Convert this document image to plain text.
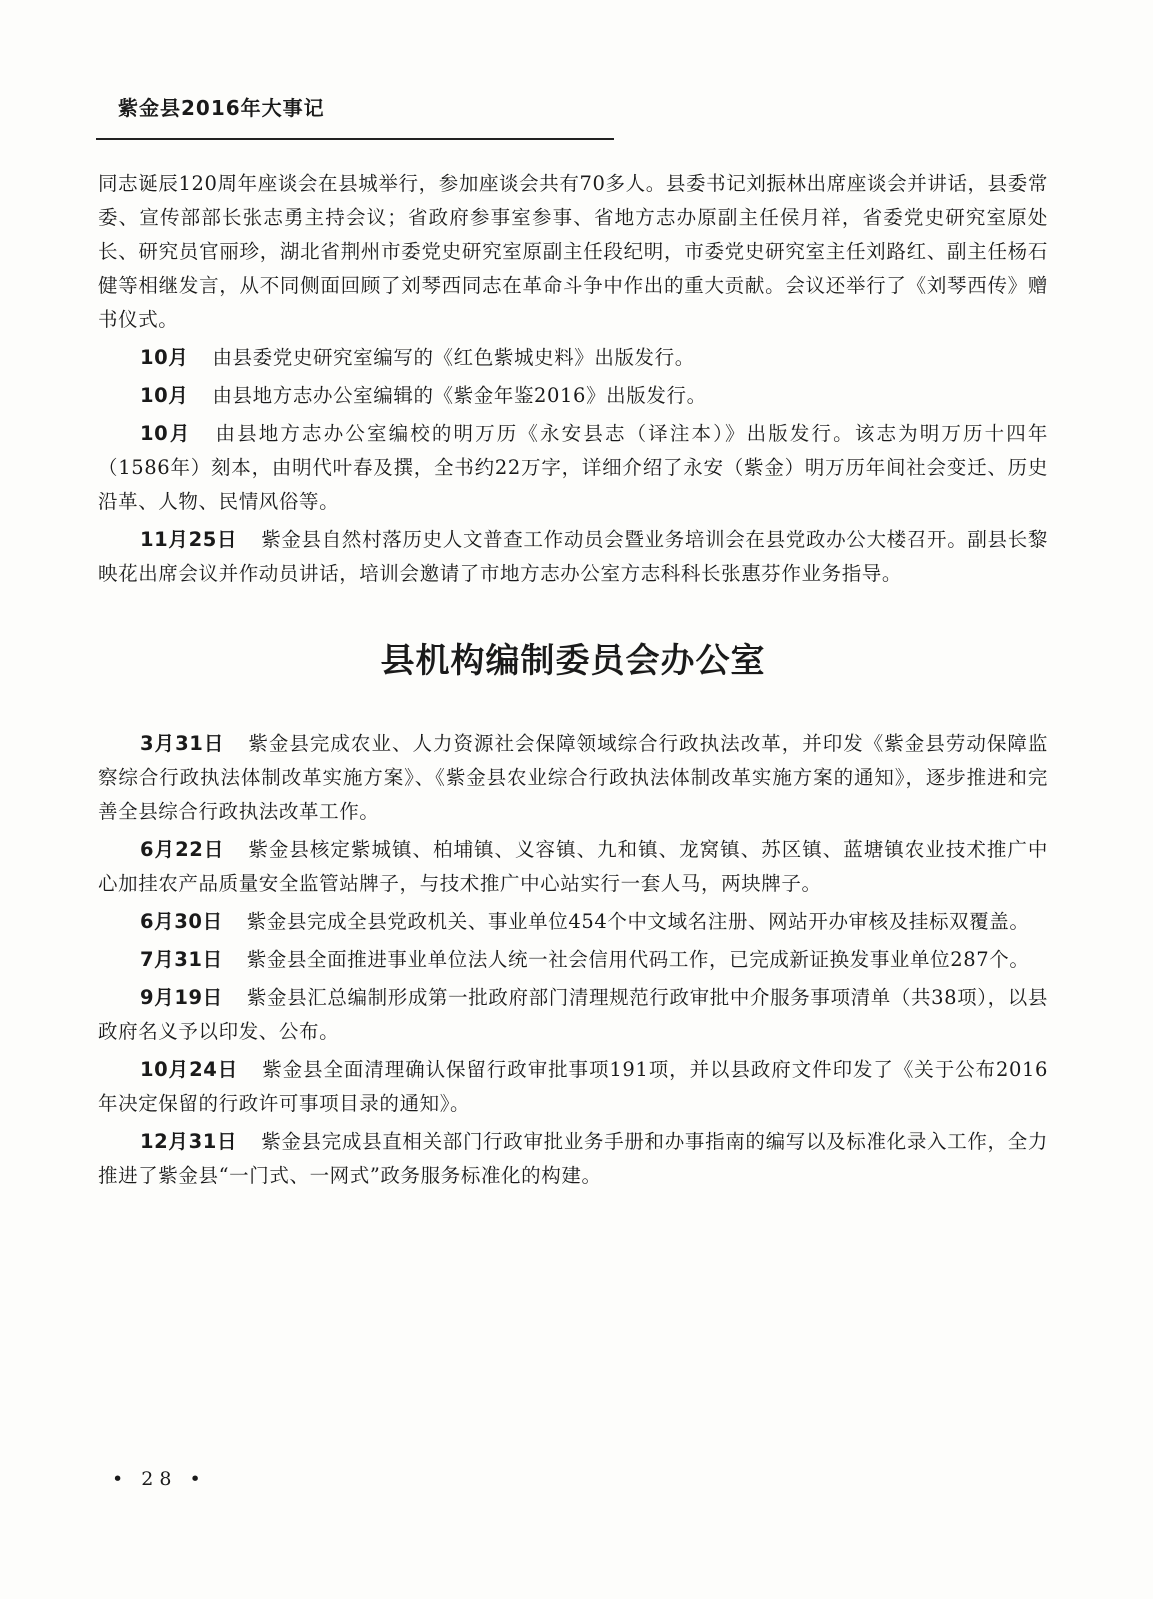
紫金县2016年大事记

同志诞辰120周年座谈会在县城举行，参加座谈会共有70多人。县委书记刘振林出席座谈会并讲话，县委常委、宣传部部长张志勇主持会议；省政府参事室参事、省地方志办原副主任侯月祥，省委党史研究室原处长、研究员官丽珍，湖北省荆州市委党史研究室原副主任段纪明，市委党史研究室主任刘路红、副主任杨石健等相继发言，从不同侧面回顾了刘琴西同志在革命斗争中作出的重大贡献。会议还举行了《刘琴西传》赠书仪式。

10月 由县委党史研究室编写的《红色紫城史料》出版发行。

10月 由县地方志办公室编辑的《紫金年鉴2016》出版发行。

10月 由县地方志办公室编校的明万历《永安县志（译注本）》出版发行。该志为明万历十四年（1586年）刻本，由明代叶春及撰，全书约22万字，详细介绍了永安（紫金）明万历年间社会变迁、历史沿革、人物、民情风俗等。

11月25日 紫金县自然村落历史人文普查工作动员会暨业务培训会在县党政办公大楼召开。副县长黎映花出席会议并作动员讲话，培训会邀请了市地方志办公室方志科科长张惠芬作业务指导。

县机构编制委员会办公室

3月31日 紫金县完成农业、人力资源社会保障领域综合行政执法改革，并印发《紫金县劳动保障监察综合行政执法体制改革实施方案》、《紫金县农业综合行政执法体制改革实施方案的通知》，逐步推进和完善全县综合行政执法改革工作。

6月22日 紫金县核定紫城镇、柏埔镇、义容镇、九和镇、龙窝镇、苏区镇、蓝塘镇农业技术推广中心加挂农产品质量安全监管站牌子，与技术推广中心站实行一套人马，两块牌子。

6月30日 紫金县完成全县党政机关、事业单位454个中文域名注册、网站开办审核及挂标双覆盖。

7月31日 紫金县全面推进事业单位法人统一社会信用代码工作，已完成新证换发事业单位287个。

9月19日 紫金县汇总编制形成第一批政府部门清理规范行政审批中介服务事项清单（共38项），以县政府名义予以印发、公布。

10月24日 紫金县全面清理确认保留行政审批事项191项，并以县政府文件印发了《关于公布2016年决定保留的行政许可事项目录的通知》。

12月31日 紫金县完成县直相关部门行政审批业务手册和办事指南的编写以及标准化录入工作，全力推进了紫金县“一门式、一网式”政务服务标准化的构建。

• 28 •
